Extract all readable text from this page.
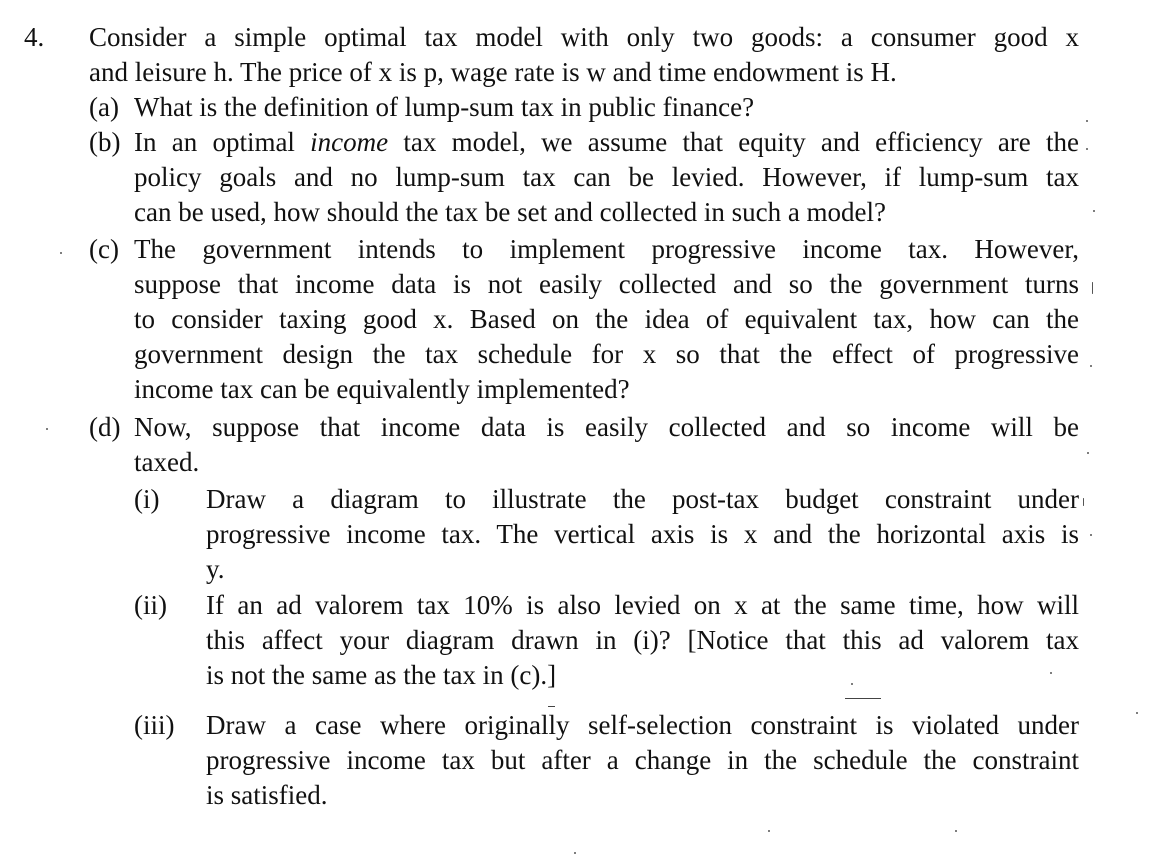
4. Consider a simple optimal tax model with only two goods: a consumer good x
and leisure h. The price of x is p, wage rate is w and time endowment is H.
(a) What is the definition of lump-sum tax in public finance?
(b) In an optimal income tax model, we assume that equity and efficiency are the
policy goals and no lump-sum tax can be levied. However, if lump-sum tax
can be used, how should the tax be set and collected in such a model?
(c) The government intends to implement progressive income tax. However,
suppose that income data is not easily collected and so the government turns
to consider taxing good x. Based on the idea of equivalent tax, how can the
government design the tax schedule for x so that the effect of progressive
income tax can be equivalently implemented?
(d) Now, suppose that income data is easily collected and so income will be
taxed.
(i) Draw a diagram to illustrate the post-tax budget constraint under
progressive income tax. The vertical axis is x and the horizontal axis is
y.
(ii) If an ad valorem tax 10% is also levied on x at the same time, how will
this affect your diagram drawn in (i)? [Notice that this ad valorem tax
is not the same as the tax in (c).]
(iii) Draw a case where originally self-selection constraint is violated under
progressive income tax but after a change in the schedule the constraint
is satisfied.
